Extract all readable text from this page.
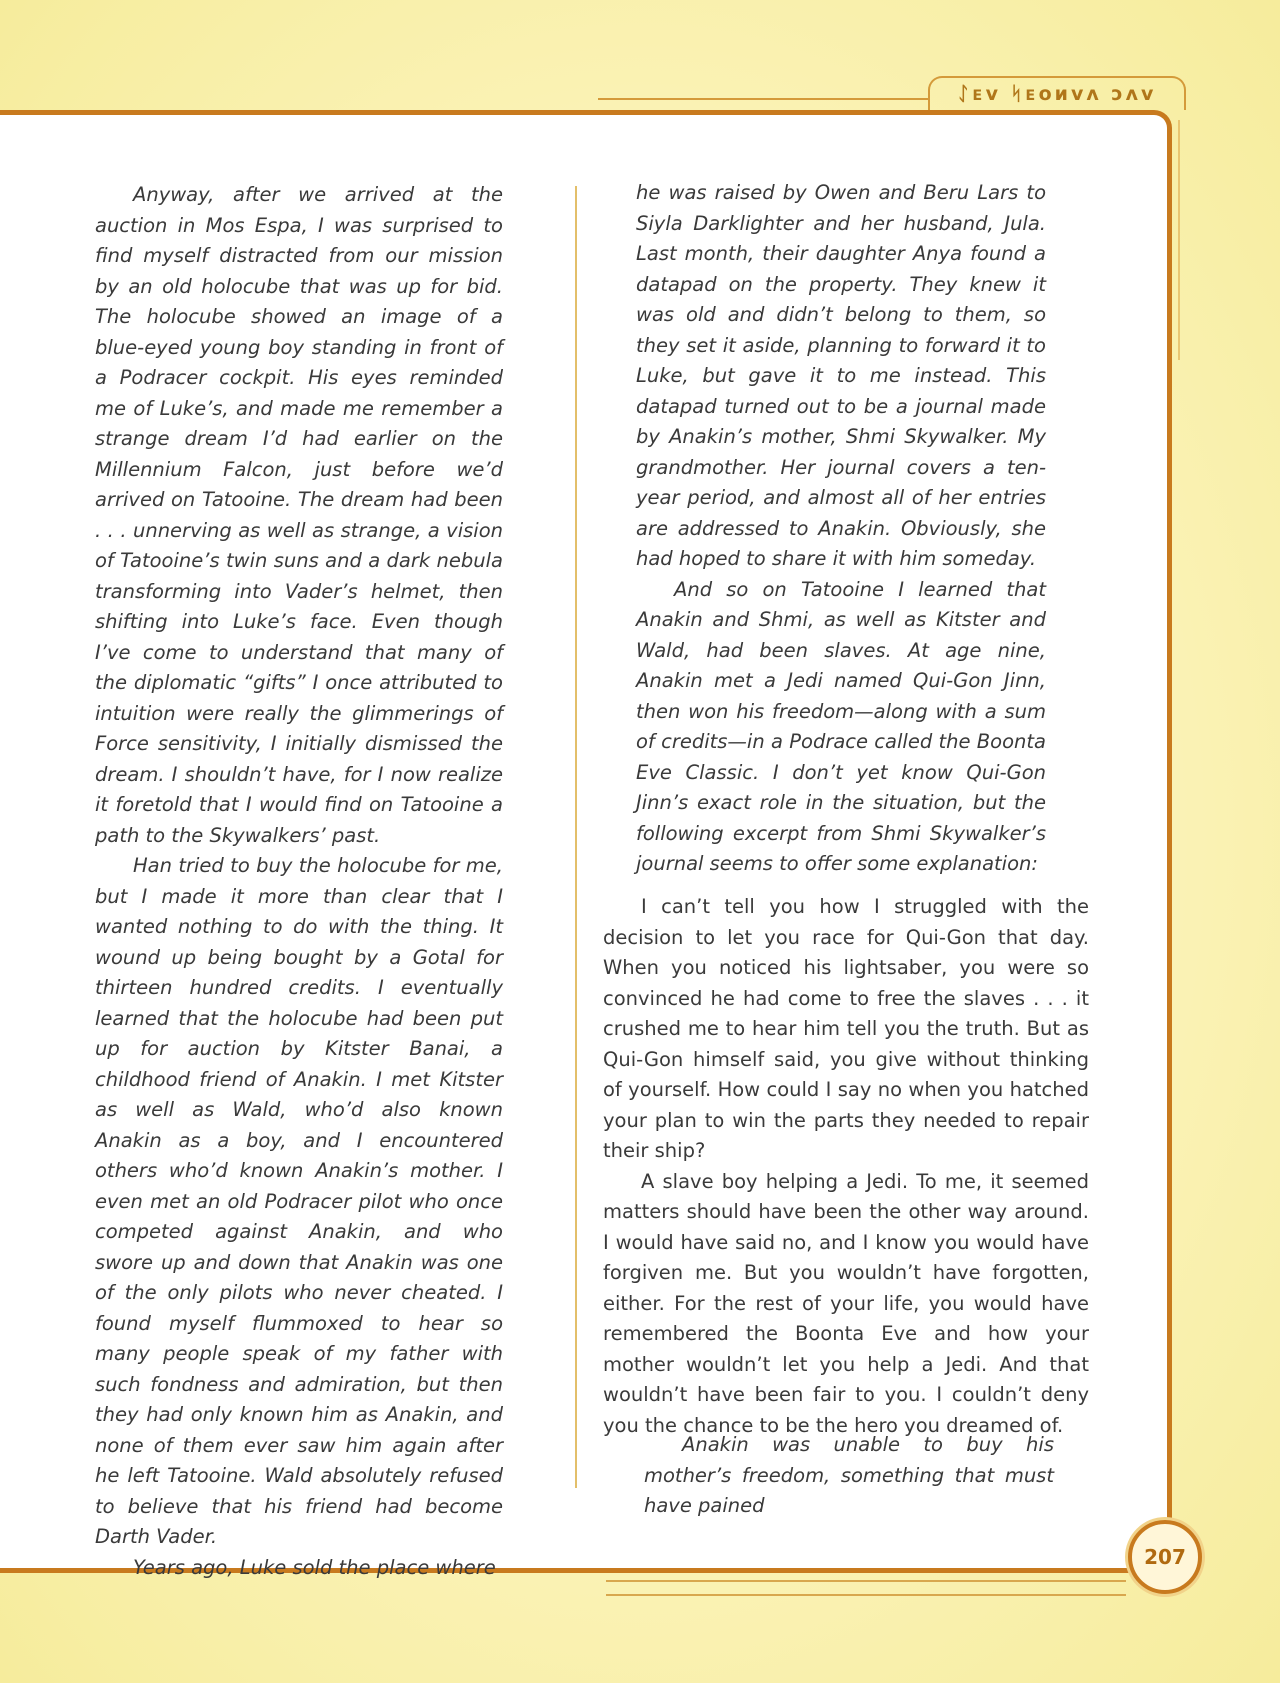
ᛇᴇᴠ ᛋᴇᴏᴎᴠᴧ ᴐᴧᴠ

Anyway, after we arrived at the auction in Mos Espa, I was surprised to find myself distracted from our mission by an old holocube that was up for bid. The holocube showed an image of a blue-eyed young boy standing in front of a Podracer cockpit. His eyes reminded me of Luke’s, and made me remember a strange dream I’d had earlier on the Millennium Falcon, just before we’d arrived on Tatooine. The dream had been . . . unnerving as well as strange, a vision of Tatooine’s twin suns and a dark nebula transforming into Vader’s helmet, then shifting into Luke’s face. Even though I’ve come to understand that many of the diplomatic “gifts” I once attributed to intuition were really the glimmerings of Force sensitivity, I initially dismissed the dream. I shouldn’t have, for I now realize it foretold that I would find on Tatooine a path to the Skywalkers’ past.

Han tried to buy the holocube for me, but I made it more than clear that I wanted nothing to do with the thing. It wound up being bought by a Gotal for thirteen hundred credits. I eventually learned that the holocube had been put up for auction by Kitster Banai, a childhood friend of Anakin. I met Kitster as well as Wald, who’d also known Anakin as a boy, and I encountered others who’d known Anakin’s mother. I even met an old Podracer pilot who once competed against Anakin, and who swore up and down that Anakin was one of the only pilots who never cheated. I found myself flummoxed to hear so many people speak of my father with such fondness and admiration, but then they had only known him as Anakin, and none of them ever saw him again after he left Tatooine. Wald absolutely refused to believe that his friend had become Darth Vader.

Years ago, Luke sold the place where

he was raised by Owen and Beru Lars to Siyla Darklighter and her husband, Jula. Last month, their daughter Anya found a datapad on the property. They knew it was old and didn’t belong to them, so they set it aside, planning to forward it to Luke, but gave it to me instead. This datapad turned out to be a journal made by Anakin’s mother, Shmi Skywalker. My grandmother. Her journal covers a ten-year period, and almost all of her entries are addressed to Anakin. Obviously, she had hoped to share it with him someday.

And so on Tatooine I learned that Anakin and Shmi, as well as Kitster and Wald, had been slaves. At age nine, Anakin met a Jedi named Qui-Gon Jinn, then won his freedom—along with a sum of credits—in a Podrace called the Boonta Eve Classic. I don’t yet know Qui-Gon Jinn’s exact role in the situation, but the following excerpt from Shmi Skywalker’s journal seems to offer some explanation:

I can’t tell you how I struggled with the decision to let you race for Qui-Gon that day. When you noticed his lightsaber, you were so convinced he had come to free the slaves . . . it crushed me to hear him tell you the truth. But as Qui-Gon himself said, you give without thinking of yourself. How could I say no when you hatched your plan to win the parts they needed to repair their ship?

A slave boy helping a Jedi. To me, it seemed matters should have been the other way around. I would have said no, and I know you would have forgiven me. But you wouldn’t have forgotten, either. For the rest of your life, you would have remembered the Boonta Eve and how your mother wouldn’t let you help a Jedi. And that wouldn’t have been fair to you. I couldn’t deny you the chance to be the hero you dreamed of.

Anakin was unable to buy his mother’s freedom, something that must have pained

207
